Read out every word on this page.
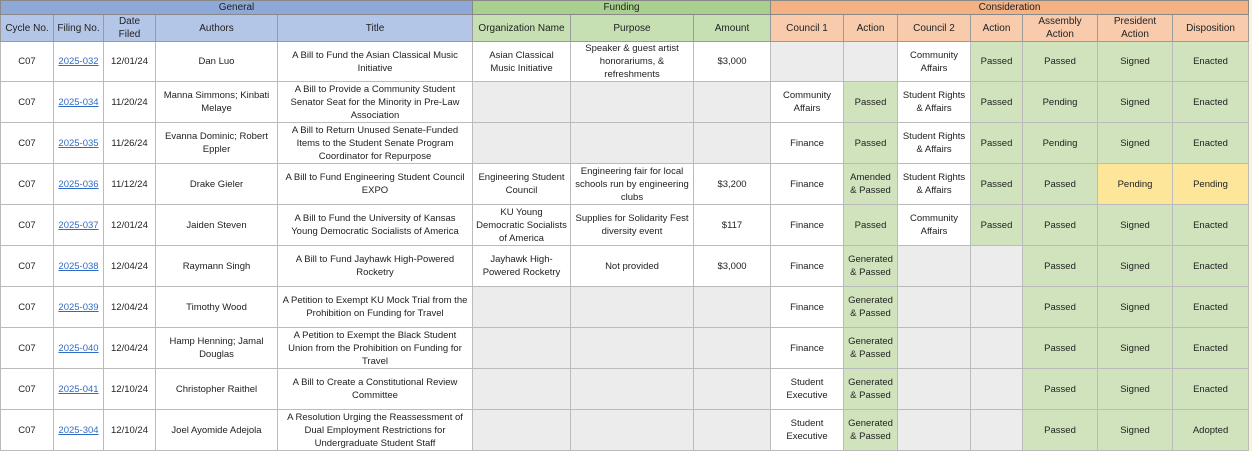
General					Funding			Consideration						
Cycle No.	Filing No.	Date Filed	Authors	Title	Organization Name	Purpose	Amount	Council 1	Action	Council 2	Action	Assembly Action	President Action	Disposition
C07	2025-032	12/01/24	Dan Luo	A Bill to Fund the Asian Classical Music Initiative	Asian Classical Music Initiative	Speaker & guest artist honorariums, & refreshments	$3,000			Community Affairs	Passed	Passed	Signed	Enacted
C07	2025-034	11/20/24	Manna Simmons; Kinbati Melaye	A Bill to Provide a Community Student Senator Seat for the Minority in Pre-Law Association				Community Affairs	Passed	Student Rights & Affairs	Passed	Pending	Signed	Enacted
C07	2025-035	11/26/24	Evanna Dominic; Robert Eppler	A Bill to Return Unused Senate-Funded Items to the Student Senate Program Coordinator for Repurpose				Finance	Passed	Student Rights & Affairs	Passed	Pending	Signed	Enacted
C07	2025-036	11/12/24	Drake Gieler	A Bill to Fund Engineering Student Council EXPO	Engineering Student Council	Engineering fair for local schools run by engineering clubs	$3,200	Finance	Amended & Passed	Student Rights & Affairs	Passed	Passed	Pending	Pending
C07	2025-037	12/01/24	Jaiden Steven	A Bill to Fund the University of Kansas Young Democratic Socialists of America	KU Young Democratic Socialists of America	Supplies for Solidarity Fest diversity event	$117	Finance	Passed	Community Affairs	Passed	Passed	Signed	Enacted
C07	2025-038	12/04/24	Raymann Singh	A Bill to Fund Jayhawk High-Powered Rocketry	Jayhawk High-Powered Rocketry	Not provided	$3,000	Finance	Generated & Passed			Passed	Signed	Enacted
C07	2025-039	12/04/24	Timothy Wood	A Petition to Exempt KU Mock Trial from the Prohibition on Funding for Travel				Finance	Generated & Passed			Passed	Signed	Enacted
C07	2025-040	12/04/24	Hamp Henning; Jamal Douglas	A Petition to Exempt the Black Student Union from the Prohibition on Funding for Travel				Finance	Generated & Passed			Passed	Signed	Enacted
C07	2025-041	12/10/24	Christopher Raithel	A Bill to Create a Constitutional Review Committee				Student Executive	Generated & Passed			Passed	Signed	Enacted
C07	2025-304	12/10/24	Joel Ayomide Adejola	A Resolution Urging the Reassessment of Dual Employment Restrictions for Undergraduate Student Staff				Student Executive	Generated & Passed			Passed	Signed	Adopted
